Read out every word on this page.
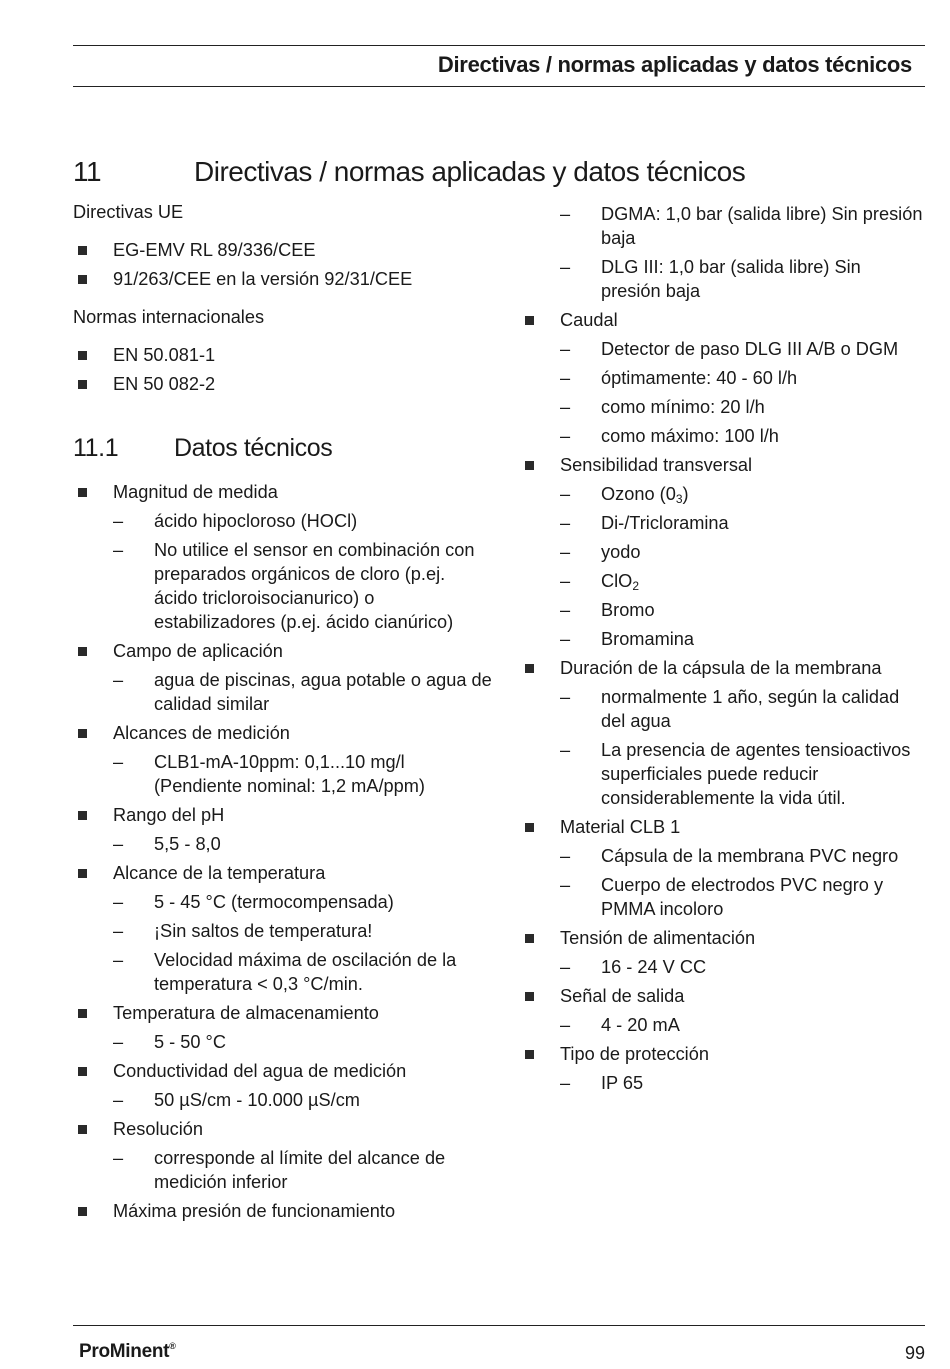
Directivas / normas aplicadas y datos técnicos
11	Directivas / normas aplicadas y datos técnicos

Directivas UE

EG-EMV RL 89/336/CEE
91/263/CEE en la versión 92/31/CEE

Normas internacionales

EN 50.081-1
EN 50 082-2
11.1 Datos técnicos
Magnitud de medida
– ácido hipocloroso (HOCl)
– No utilice el sensor en combinación con preparados orgánicos de cloro (p.ej. ácido tricloroisocianurico) o estabilizadores (p.ej. ácido cianúrico)
Campo de aplicación
– agua de piscinas, agua potable o agua de calidad similar
Alcances de medición
– CLB1-mA-10ppm: 0,1...10 mg/l (Pendiente nominal: 1,2 mA/ppm)
Rango del pH
– 5,5 - 8,0
Alcance de la temperatura
– 5 - 45 °C (termocompensada)
– ¡Sin saltos de temperatura!
– Velocidad máxima de oscilación de la temperatura < 0,3 °C/min.
Temperatura de almacenamiento
– 5 - 50 °C
Conductividad del agua de medición
– 50 µS/cm - 10.000 µS/cm
Resolución
– corresponde al límite del alcance de medición inferior
Máxima presión de funcionamiento
– DGMA: 1,0 bar (salida libre) Sin presión baja
– DLG III: 1,0 bar (salida libre) Sin presión baja
Caudal
– Detector de paso DLG III A/B o DGM
– óptimamente: 40 - 60 l/h
– como mínimo: 20 l/h
– como máximo: 100 l/h
Sensibilidad transversal
– Ozono $(0_3)$
– Di-/Tricloramina
– yodo
– ClO$_2$
– Bromo
– Bromamina
Duración de la cápsula de la membrana
– normalmente 1 año, según la calidad del agua
– La presencia de agentes tensioactivos superficiales puede reducir considerablemente la vida útil.
Material CLB 1
– Cápsula de la membrana PVC negro
– Cuerpo de electrodos PVC negro y PMMA incoloro
Tensión de alimentación
– 16 - 24 V CC
Señal de salida
– 4 - 20 mA
Tipo de protección
– IP 65
ProMinent®	99
